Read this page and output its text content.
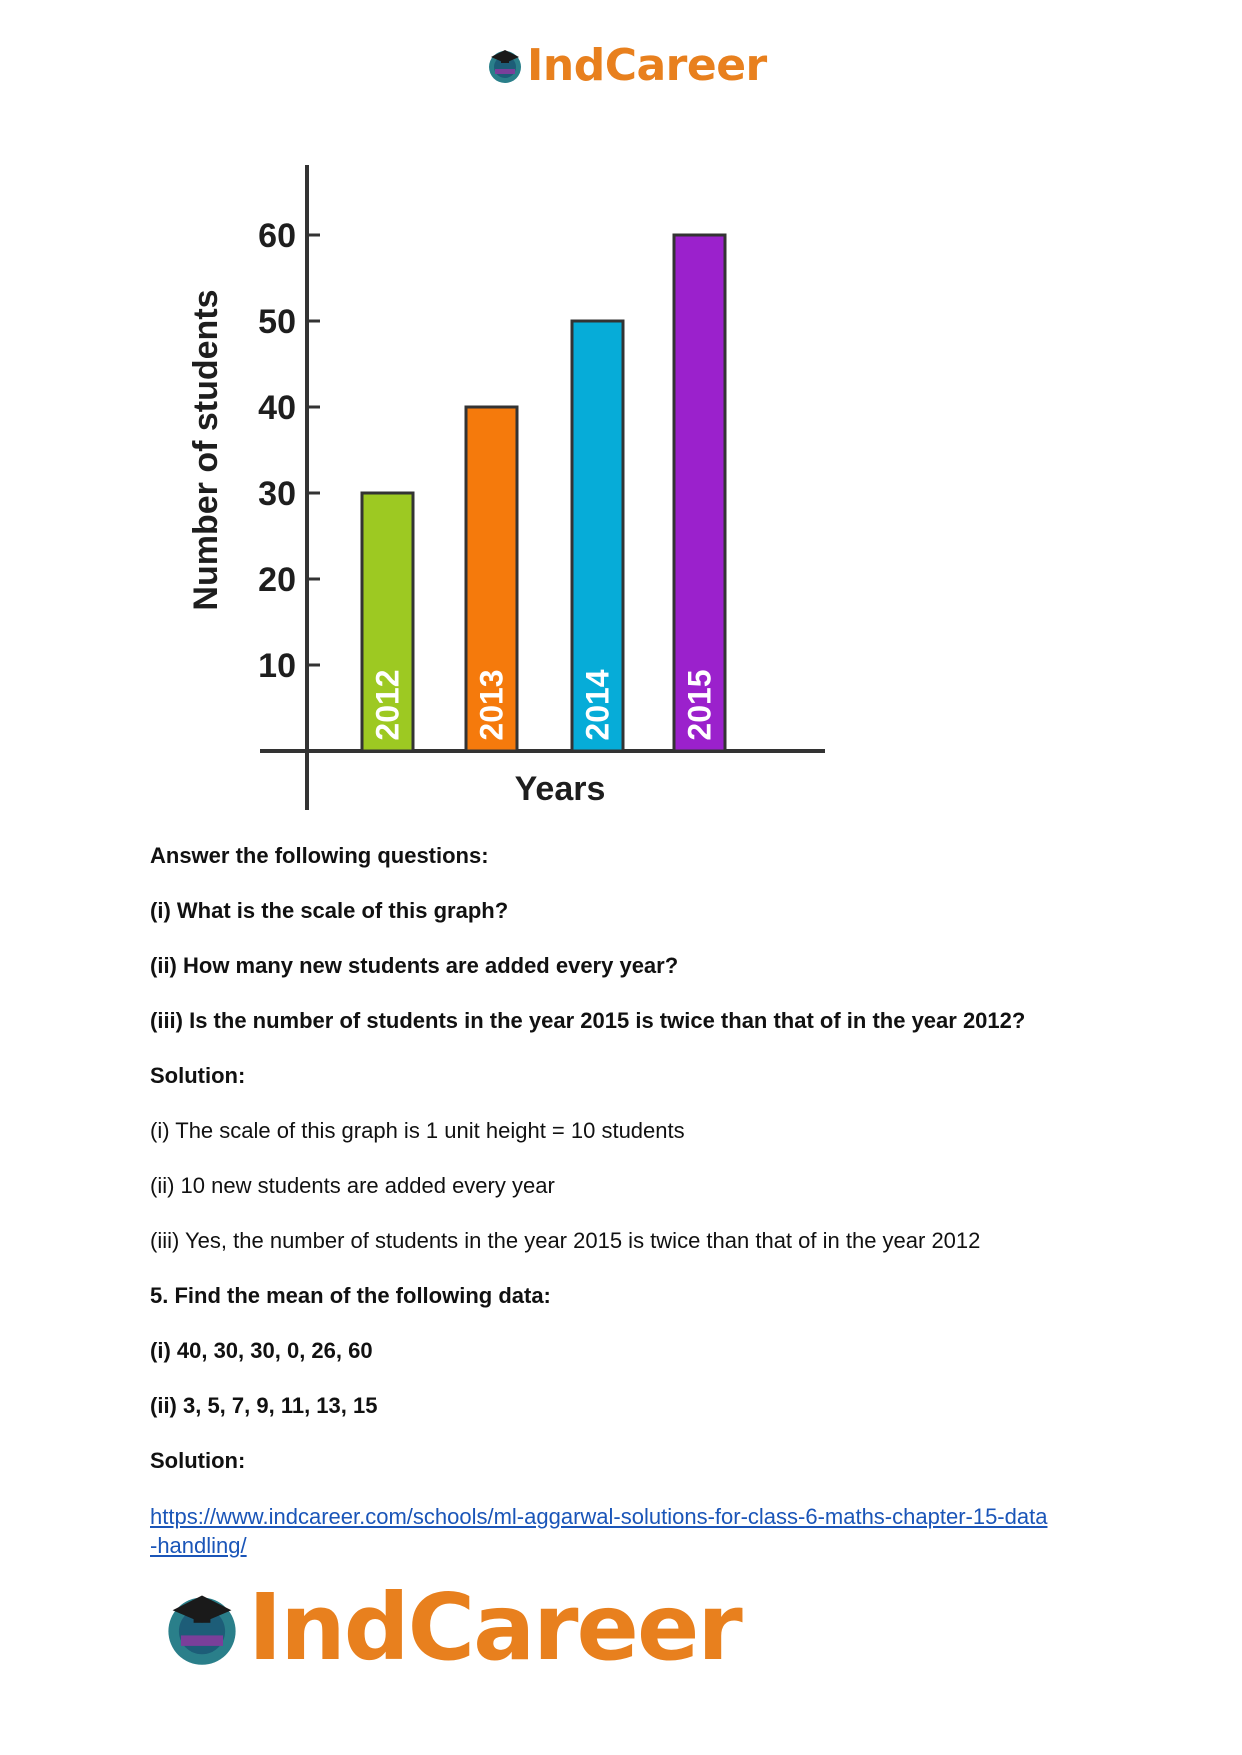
IndCareer
10
20
30
40
50
60
2012 2013 2014 2015
Number of students
Years

Answer the following questions:

(i) What is the scale of this graph?

(ii) How many new students are added every year?

(iii) Is the number of students in the year 2015 is twice than that of in the year 2012?

Solution:

(i) The scale of this graph is 1 unit height = 10 students

(ii) 10 new students are added every year

(iii) Yes, the number of students in the year 2015 is twice than that of in the year 2012

5. Find the mean of the following data:

(i) 40, 30, 30, 0, 26, 60

(ii) 3, 5, 7, 9, 11, 13, 15

Solution:

https://www.indcareer.com/schools/ml-aggarwal-solutions-for-class-6-maths-chapter-15-data
-handling/
IndCareer
